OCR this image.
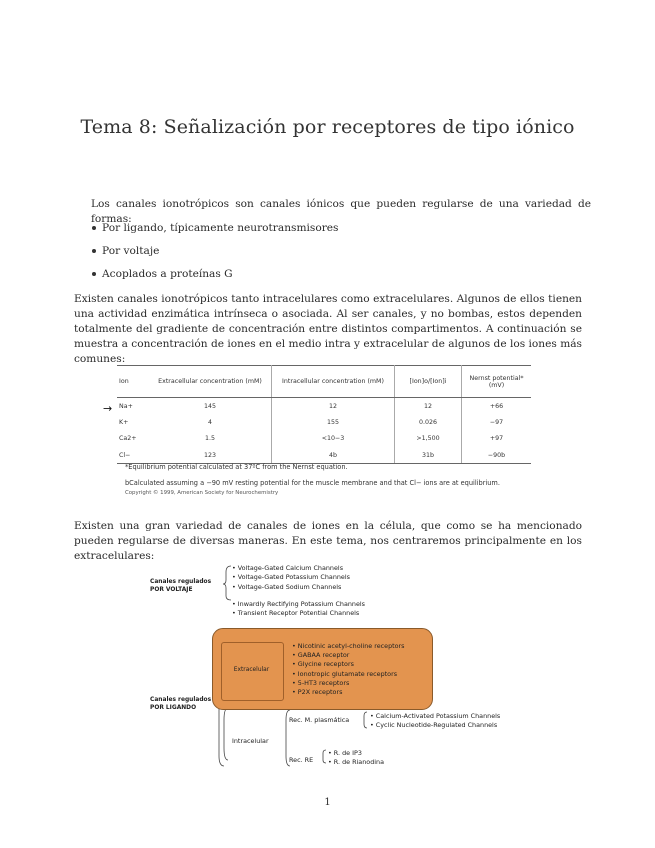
Tema 8: Señalización por receptores de tipo iónico
Los canales ionotrópicos son canales iónicos que pueden regularse de una variedad de formas:
Por ligando, típicamente neurotransmisores
Por voltaje
Acoplados a proteínas G
Existen canales ionotrópicos tanto intracelulares como extracelulares. Algunos de ellos tienen una actividad enzimática intrínseca o asociada. Al ser canales, y no bombas, estos dependen totalmente del gradiente de concentración entre distintos compartimentos. A continuación se muestra a concentración de iones en el medio intra y extracelular de algunos de los iones más comunes:
Ion	Extracellular concentration (mM)	Intracellular concentration (mM)	[Ion]o/[Ion]i	Nernst potential* (mV)
Na+	145	12	12	+66
K+	4	155	0.026	−97
Ca2+	1.5	<10−3	>1,500	+97
Cl−	123	4b	31b	−90b
→
*Equilibrium potential calculated at 37ºC from the Nernst equation.
bCalculated assuming a −90 mV resting potential for the muscle membrane and that Cl− ions are at equilibrium.
Copyright © 1999, American Society for Neurochemistry
Existen una gran variedad de canales de iones en la célula, que como se ha mencionado pueden regularse de diversas maneras. En este tema, nos centraremos principalmente en los extracelulares:
Canales regulados
POR VOLTAJE
• Voltage-Gated Calcium Channels
• Voltage-Gated Potassium Channels
• Voltage-Gated Sodium Channels
• Inwardly Rectifying Potassium Channels
• Transient Receptor Potential Channels
Extracelular
• Nicotinic acetyl-choline receptors
• GABAA receptor
• Glycine receptors
• Ionotropic glutamate receptors
• 5-HT3 receptors
• P2X receptors
Canales regulados
POR LIGANDO
Intracelular
Rec. M. plasmática	• Calcium-Activated Potassium Channels
• Cyclic Nucleotide-Regulated Channels
Rec. RE
• R. de IP3
• R. de Rianodina
1
